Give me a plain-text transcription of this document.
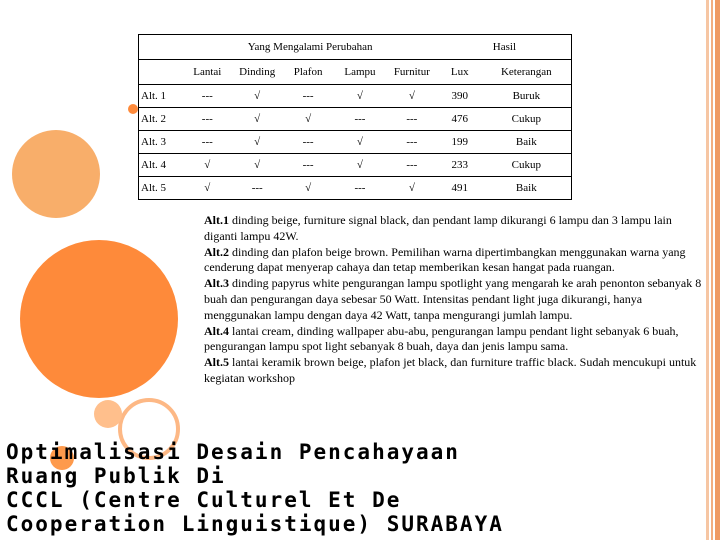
	Yang Mengalami Perubahan					Hasil	
	Lantai	Dinding	Plafon	Lampu	Furnitur	Lux	Keterangan
Alt. 1	---	√	---	√	√	390	Buruk
Alt. 2	---	√	√	---	---	476	Cukup
Alt. 3	---	√	---	√	---	199	Baik
Alt. 4	√	√	---	√	---	233	Cukup
Alt. 5	√	---	√	---	√	491	Baik

Alt.1 dinding beige, furniture signal black, dan pendant lamp dikurangi 6 lampu dan 3 lampu lain diganti lampu 42W.

Alt.2 dinding dan plafon beige brown. Pemilihan warna dipertimbangkan menggunakan warna yang cenderung dapat menyerap cahaya dan tetap memberikan kesan hangat pada ruangan.

Alt.3 dinding papyrus white pengurangan lampu spotlight yang mengarah ke arah penonton sebanyak 8 buah dan pengurangan daya sebesar 50 Watt. Intensitas pendant light juga dikurangi, hanya menggunakan lampu dengan daya 42 Watt, tanpa mengurangi jumlah lampu.

Alt.4 lantai cream, dinding wallpaper abu-abu, pengurangan lampu pendant light sebanyak 6 buah, pengurangan lampu spot light sebanyak 8 buah, daya dan jenis lampu sama.

Alt.5 lantai keramik brown beige, plafon jet black, dan furniture traffic black. Sudah mencukupi untuk kegiatan workshop

Optimalisasi Desain Pencahayaan
Ruang Publik Di
CCCL (Centre Culturel Et De
Cooperation Linguistique) SURABAYA
